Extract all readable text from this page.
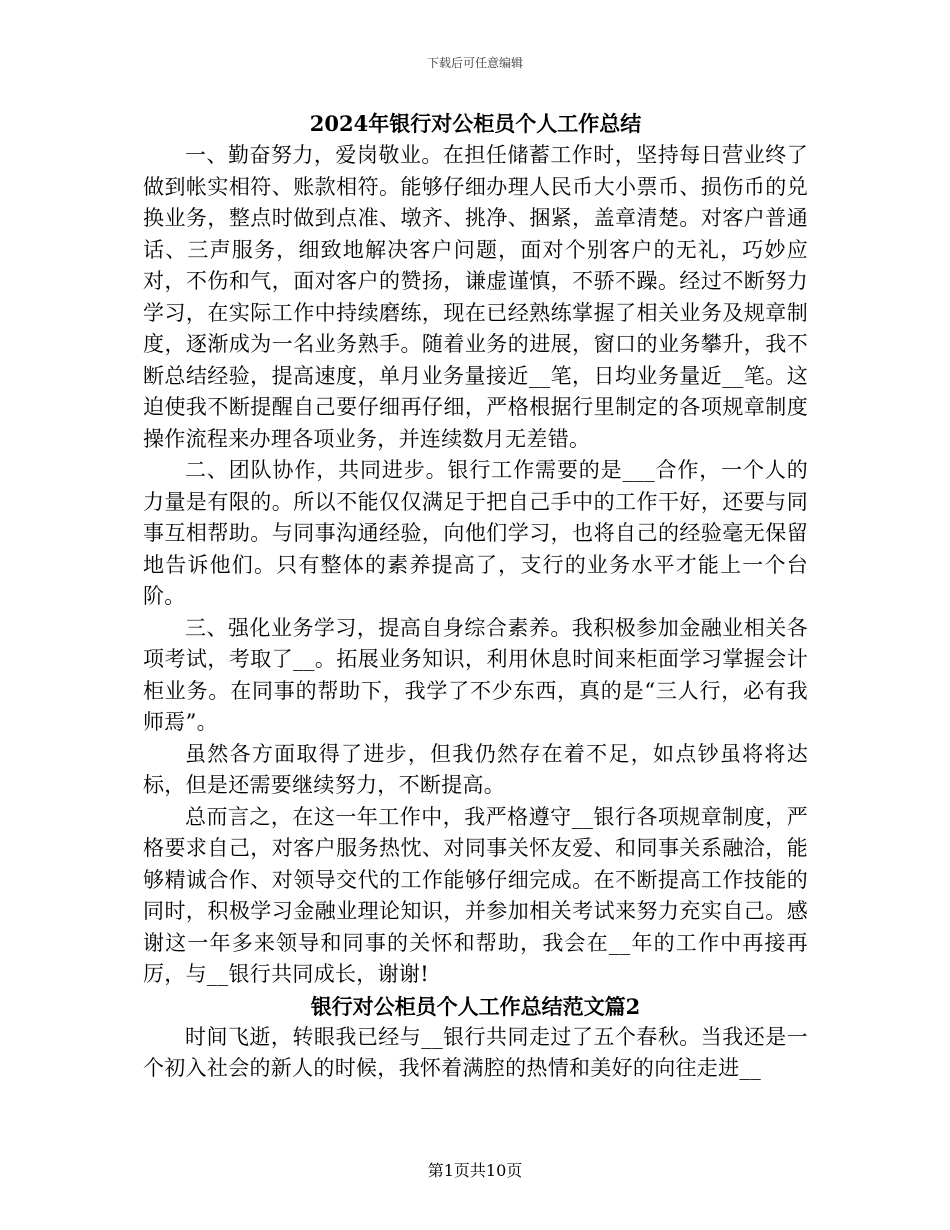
下载后可任意编辑
2024年银行对公柜员个人工作总结

一、勤奋努力，爱岗敬业。在担任储蓄工作时，坚持每日营业终了做到帐实相符、账款相符。能够仔细办理人民币大小票币、损伤币的兑换业务，整点时做到点准、墩齐、挑净、捆紧，盖章清楚。对客户普通话、三声服务，细致地解决客户问题，面对个别客户的无礼，巧妙应对，不伤和气，面对客户的赞扬，谦虚谨慎，不骄不躁。经过不断努力学习，在实际工作中持续磨练，现在已经熟练掌握了相关业务及规章制度，逐渐成为一名业务熟手。随着业务的进展，窗口的业务攀升，我不断总结经验，提高速度，单月业务量接近__笔，日均业务量近__笔。这迫使我不断提醒自己要仔细再仔细，严格根据行里制定的各项规章制度操作流程来办理各项业务，并连续数月无差错。

二、团队协作，共同进步。银行工作需要的是___合作，一个人的力量是有限的。所以不能仅仅满足于把自己手中的工作干好，还要与同事互相帮助。与同事沟通经验，向他们学习，也将自己的经验毫无保留地告诉他们。只有整体的素养提高了，支行的业务水平才能上一个台阶。

三、强化业务学习，提高自身综合素养。我积极参加金融业相关各项考试，考取了__。拓展业务知识，利用休息时间来柜面学习掌握会计柜业务。在同事的帮助下，我学了不少东西，真的是“三人行，必有我师焉”。

虽然各方面取得了进步，但我仍然存在着不足，如点钞虽将将达标，但是还需要继续努力，不断提高。

总而言之，在这一年工作中，我严格遵守__银行各项规章制度，严格要求自己，对客户服务热忱、对同事关怀友爱、和同事关系融洽，能够精诚合作、对领导交代的工作能够仔细完成。在不断提高工作技能的同时，积极学习金融业理论知识，并参加相关考试来努力充实自己。感谢这一年多来领导和同事的关怀和帮助，我会在__年的工作中再接再厉，与__银行共同成长，谢谢!

银行对公柜员个人工作总结范文篇2

时间飞逝，转眼我已经与__银行共同走过了五个春秋。当我还是一个初入社会的新人的时候，我怀着满腔的热情和美好的向往走进__

第1页共10页
